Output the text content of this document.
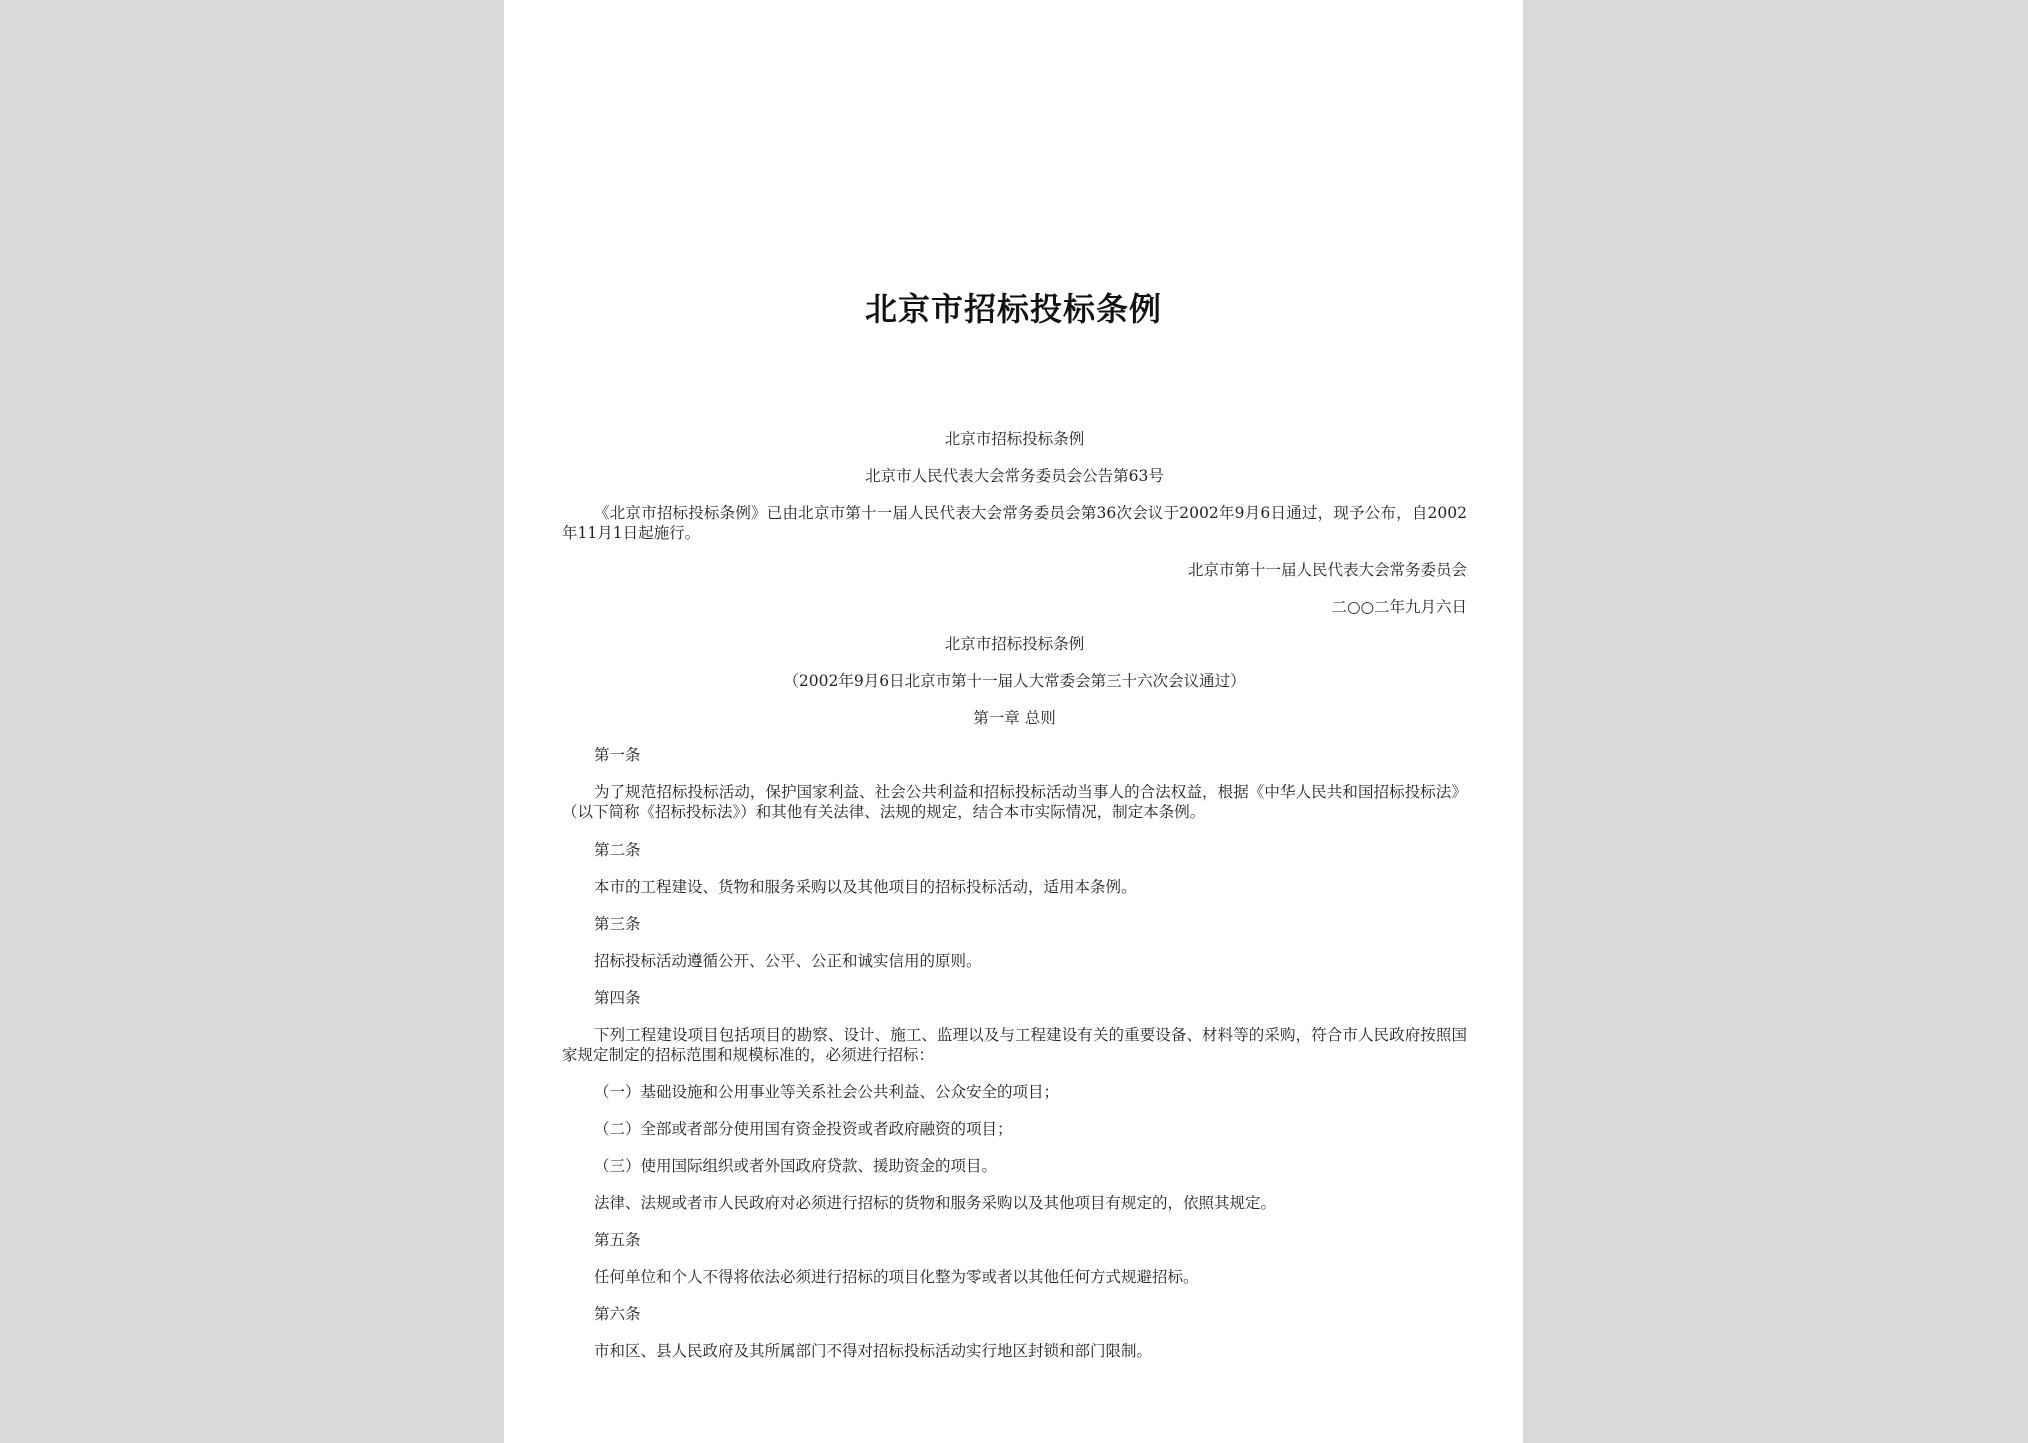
北京市招标投标条例
北京市招标投标条例
北京市人民代表大会常务委员会公告第63号
《北京市招标投标条例》已由北京市第十一届人民代表大会常务委员会第36次会议于2002年9月6日通过，现予公布，自2002年11月1日起施行。
北京市第十一届人民代表大会常务委员会
二○○二年九月六日
北京市招标投标条例
（2002年9月6日北京市第十一届人大常委会第三十六次会议通过）
第一章 总则
第一条
为了规范招标投标活动，保护国家利益、社会公共利益和招标投标活动当事人的合法权益，根据《中华人民共和国招标投标法》（以下简称《招标投标法》）和其他有关法律、法规的规定，结合本市实际情况，制定本条例。
第二条
本市的工程建设、货物和服务采购以及其他项目的招标投标活动，适用本条例。
第三条
招标投标活动遵循公开、公平、公正和诚实信用的原则。
第四条
下列工程建设项目包括项目的勘察、设计、施工、监理以及与工程建设有关的重要设备、材料等的采购，符合市人民政府按照国家规定制定的招标范围和规模标准的，必须进行招标：
（一）基础设施和公用事业等关系社会公共利益、公众安全的项目；
（二）全部或者部分使用国有资金投资或者政府融资的项目；
（三）使用国际组织或者外国政府贷款、援助资金的项目。
法律、法规或者市人民政府对必须进行招标的货物和服务采购以及其他项目有规定的，依照其规定。
第五条
任何单位和个人不得将依法必须进行招标的项目化整为零或者以其他任何方式规避招标。
第六条
市和区、县人民政府及其所属部门不得对招标投标活动实行地区封锁和部门限制。
